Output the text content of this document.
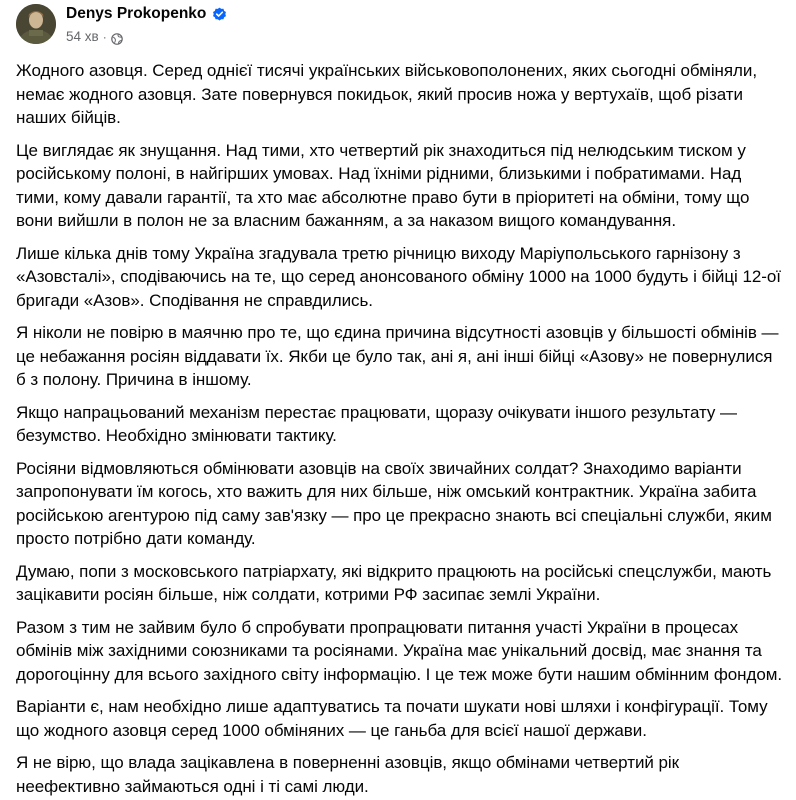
Denys Prokopenko
54 хв ·

Жодного азовця. Серед однієї тисячі українських військовополонених, яких сьогодні обміняли, немає жодного азовця. Зате повернувся покидьок, який просив ножа у вертухаїв, щоб різати наших бійців.

Це виглядає як знущання. Над тими, хто четвертий рік знаходиться під нелюдським тиском у російському полоні, в найгірших умовах. Над їхніми рідними, близькими і побратимами. Над тими, кому давали гарантії, та хто має абсолютне право бути в пріоритеті на обміни, тому що вони вийшли в полон не за власним бажанням, а за наказом вищого командування.

Лише кілька днів тому Україна згадувала третю річницю виходу Маріупольського гарнізону з «Азовсталі», сподіваючись на те, що серед анонсованого обміну 1000 на 1000 будуть і бійці 12-ої бригади «Азов». Сподівання не справдились.

Я ніколи не повірю в маячню про те, що єдина причина відсутності азовців у більшості обмінів — це небажання росіян віддавати їх. Якби це було так, ані я, ані інші бійці «Азову» не повернулися б з полону. Причина в іншому.

Якщо напрацьований механізм перестає працювати, щоразу очікувати іншого результату — безумство. Необхідно змінювати тактику.

Росіяни відмовляються обмінювати азовців на своїх звичайних солдат? Знаходимо варіанти запропонувати їм когось, хто важить для них більше, ніж омський контрактник. Україна забита російською агентурою під саму зав'язку — про це прекрасно знають всі спеціальні служби, яким просто потрібно дати команду.

Думаю, попи з московського патріархату, які відкрито працюють на російські спецслужби, мають зацікавити росіян більше, ніж солдати, котрими РФ засипає землі України.

Разом з тим не зайвим було б спробувати пропрацювати питання участі України в процесах обмінів між західними союзниками та росіянами. Україна має унікальний досвід, має знання та дорогоцінну для всього західного світу інформацію. І це теж може бути нашим обмінним фондом.

Варіанти є, нам необхідно лише адаптуватись та почати шукати нові шляхи і конфігурації. Тому що жодного азовця серед 1000 обміняних — це ганьба для всієї нашої держави.

Я не вірю, що влада зацікавлена в поверненні азовців, якщо обмінами четвертий рік неефективно займаються одні і ті самі люди.
